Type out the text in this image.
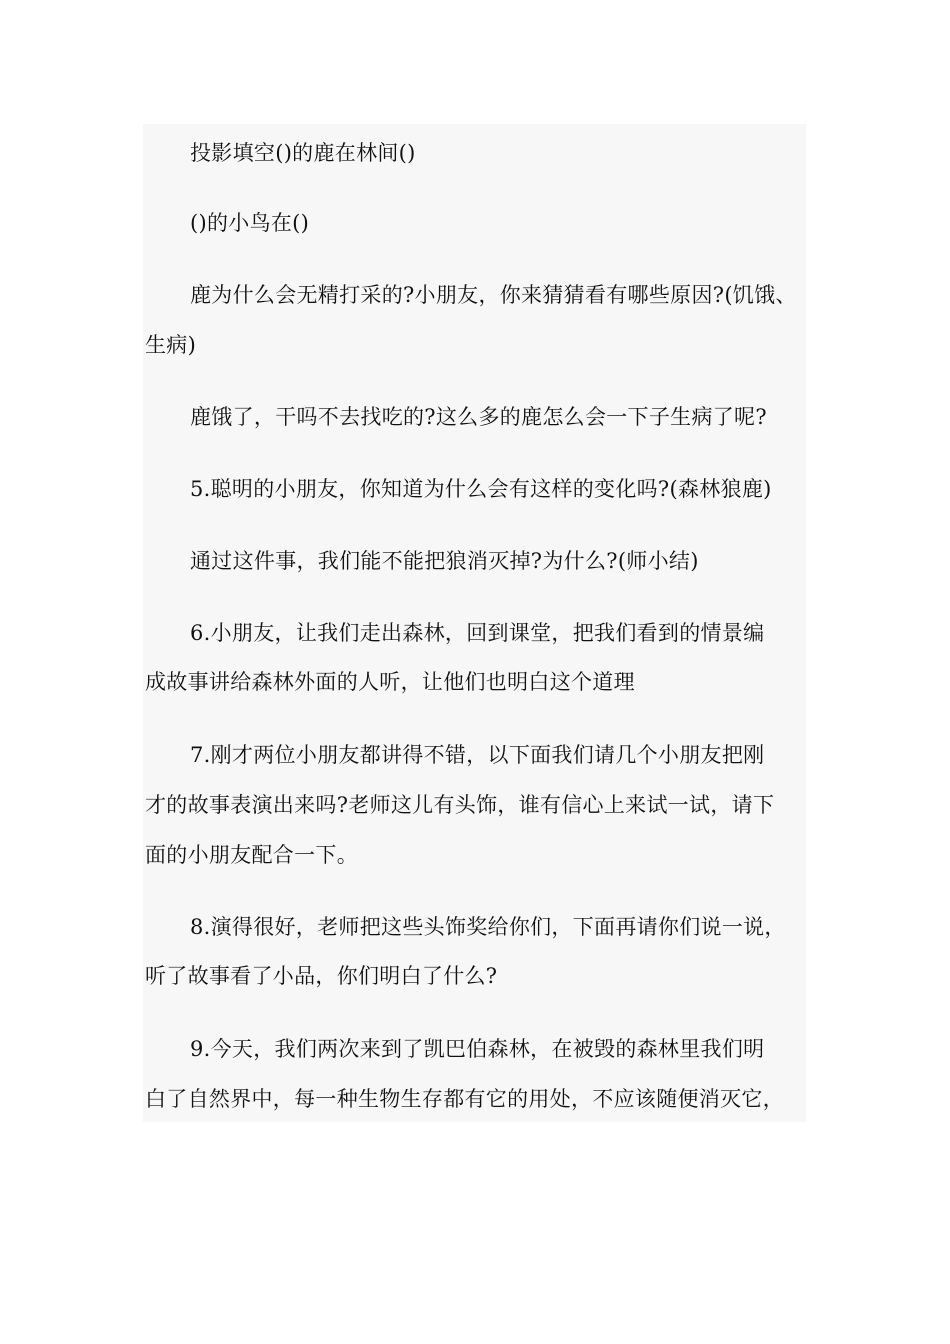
投影填空()的鹿在林间()
()的小鸟在()
鹿为什么会无精打采的?小朋友，你来猜猜看有哪些原因?(饥饿、
生病)
鹿饿了，干吗不去找吃的?这么多的鹿怎么会一下子生病了呢?
5.聪明的小朋友，你知道为什么会有这样的变化吗?(森林狼鹿)
通过这件事，我们能不能把狼消灭掉?为什么?(师小结)
6.小朋友，让我们走出森林，回到课堂，把我们看到的情景编
成故事讲给森林外面的人听，让他们也明白这个道理
7.刚才两位小朋友都讲得不错，以下面我们请几个小朋友把刚
才的故事表演出来吗?老师这儿有头饰，谁有信心上来试一试，请下
面的小朋友配合一下。
8.演得很好，老师把这些头饰奖给你们，下面再请你们说一说，
听了故事看了小品，你们明白了什么?
9.今天，我们两次来到了凯巴伯森林，在被毁的森林里我们明
白了自然界中，每一种生物生存都有它的用处，不应该随便消灭它，
